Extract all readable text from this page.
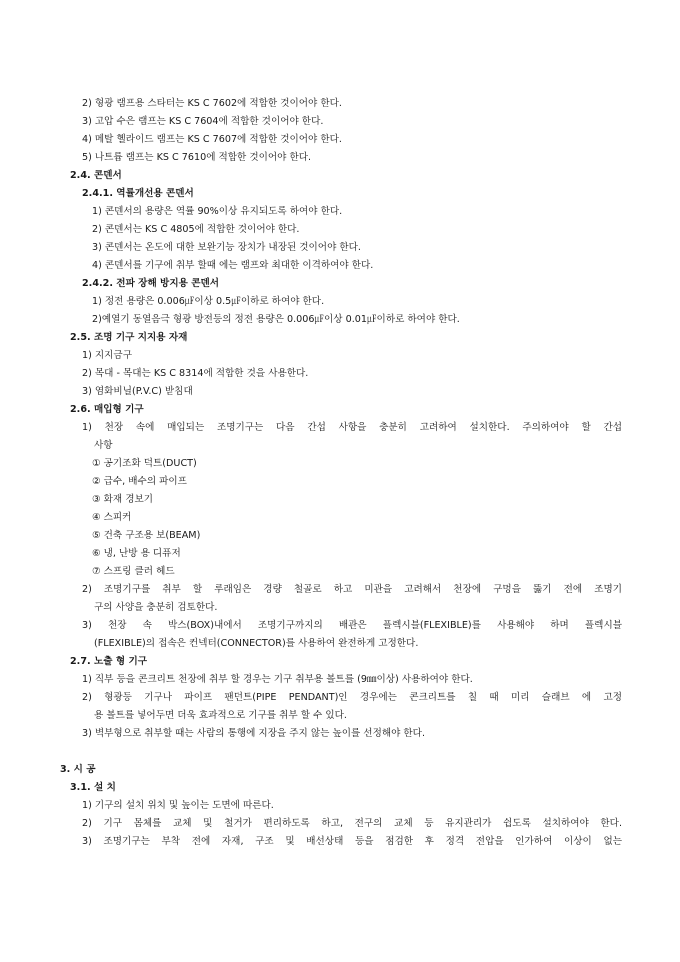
2) 형광 램프용 스타터는 KS C 7602에 적합한 것이어야 한다.
3) 고압 수은 램프는 KS C 7604에 적합한 것이어야 한다.
4) 메탈 헬라이드 램프는 KS C 7607에 적합한 것이어야 한다.
5) 나트륨 램프는 KS C 7610에 적합한 것이어야 한다.
2.4. 콘덴서
2.4.1. 역률개선용 콘덴서
1) 콘덴서의 용량은 역률 90%이상 유지되도록 하여야 한다.
2) 콘덴서는 KS C 4805에 적합한 것이어야 한다.
3) 콘덴서는 온도에 대한 보완기능 장치가 내장된 것이어야 한다.
4) 콘덴서를 기구에 취부 할때 에는 램프와 최대한 이격하여야 한다.
2.4.2. 전파 장해 방지용 콘덴서
1) 정전 용량은 0.006㎌이상 0.5㎌이하로 하여야 한다.
2)예열기 동열음극 형광 방전등의 정전 용량은 0.006㎌이상 0.01㎌이하로 하여야 한다.
2.5. 조명 기구 지지용 자재
1) 지지금구
2) 목대 - 목대는 KS C 8314에 적합한 것을 사용한다.
3) 염화비닐(P.V.C) 받침대
2.6. 매입형 기구
1) 천장 속에 매입되는 조명기구는 다음 간섭 사항을 충분히 고려하여 설치한다. 주의하여야 할 간섭
사항
① 공기조화 덕트(DUCT)
② 급수, 배수의 파이프
③ 화재 경보기
④ 스피커
⑤ 건축 구조용 보(BEAM)
⑥ 냉, 난방 용 디퓨저
⑦ 스프링 클러 헤드
2) 조명기구를 취부 할 루래임은 경량 철골로 하고 미관을 고려해서 천장에 구멍을 뚫기 전에 조명기
구의 사양을 충분히 검토한다.
3) 천장 속 박스(BOX)내에서 조명기구까지의 배관은 플렉시블(FLEXIBLE)를 사용해야 하며 플렉시블
(FLEXIBLE)의 접속은 컨넥터(CONNECTOR)를 사용하여 완전하게 고정한다.
2.7. 노출 형 기구
1) 직부 등을 콘크리트 천장에 취부 할 경우는 기구 취부용 볼트를 (9㎜이상) 사용하여야 한다.
2) 형광등 기구나 파이프 팬던트(PIPE PENDANT)인 경우에는 콘크리트를 칠 때 미리 슬래브 에 고정
용 볼트를 넣어두면 더욱 효과적으로 기구를 취부 할 수 있다.
3) 벽부형으로 취부할 때는 사람의 통행에 지장을 주지 않는 높이를 선정해야 한다.
3. 시 공
3.1. 설 치
1) 기구의 설치 위치 및 높이는 도면에 따른다.
2) 기구 몸체를 교체 및 철거가 편리하도록 하고, 전구의 교체 등 유지관리가 쉽도록 설치하여야 한다.
3) 조명기구는 부착 전에 자재, 구조 및 배선상태 등을 점검한 후 정격 전압을 인가하여 이상이 없는
